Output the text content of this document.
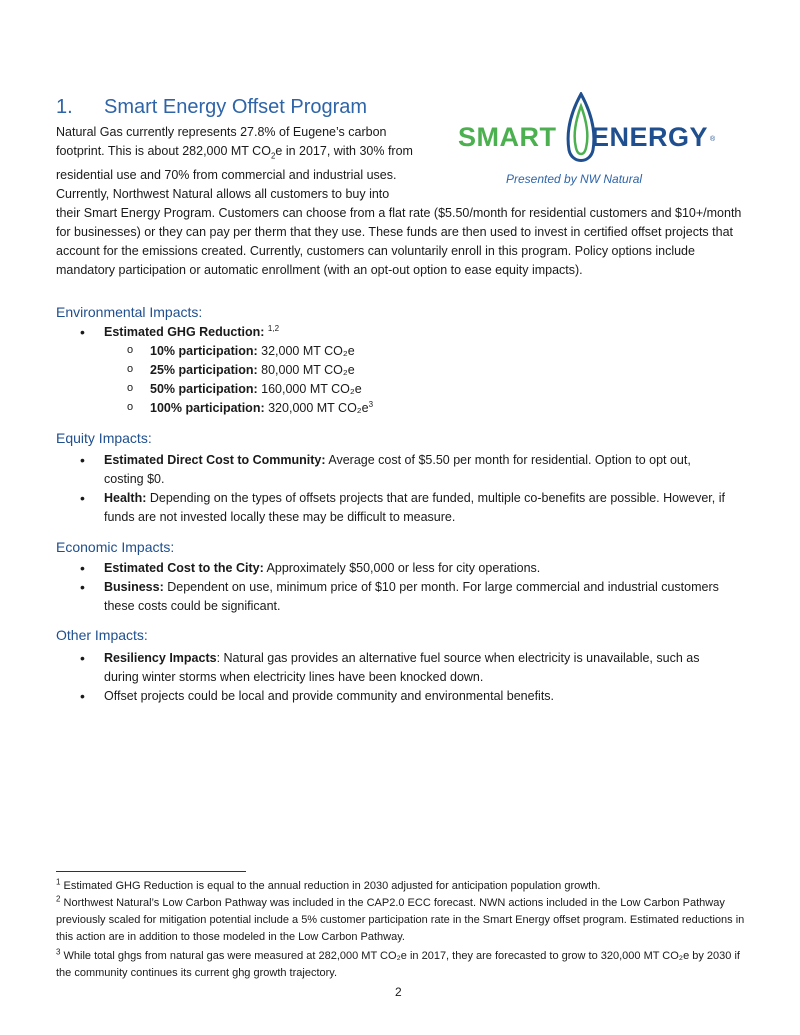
1. Smart Energy Offset Program
SMART ENERGY ®
Presented by NW Natural
Natural Gas currently represents 27.8% of Eugene’s carbon
footprint. This is about 282,000 MT $CO_2e$ in 2017, with 30% from
residential use and 70% from commercial and industrial uses.
Currently, Northwest Natural allows all customers to buy into
their Smart Energy Program. Customers can choose from a flat rate ($5.50/month for residential customers and $10+/month for businesses) or they can pay per therm that they use. These funds are then used to invest in certified offset projects that account for the emissions created. Currently, customers can voluntarily enroll in this program. Policy options include mandatory participation or automatic enrollment (with an opt-out option to ease equity impacts).
Environmental Impacts:
• Estimated GHG Reduction: $^{1,2}$
o 10% participation: 32,000 MT CO₂e
o 25% participation: 80,000 MT CO₂e
o 50% participation: 160,000 MT CO₂e
o 100% participation: 320,000 MT $CO_2e^3$
Equity Impacts:
• Estimated Direct Cost to Community: Average cost of $5.50 per month for residential. Option to opt out, costing $0.
• Health: Depending on the types of offsets projects that are funded, multiple co-benefits are possible. However, if funds are not invested locally these may be difficult to measure.
Economic Impacts:
• Estimated Cost to the City: Approximately $50,000 or less for city operations.
• Business: Dependent on use, minimum price of $10 per month. For large commercial and industrial customers these costs could be significant.
Other Impacts:
• Resiliency Impacts: Natural gas provides an alternative fuel source when electricity is unavailable, such as during winter storms when electricity lines have been knocked down.
• Offset projects could be local and provide community and environmental benefits.
$^1$ Estimated GHG Reduction is equal to the annual reduction in 2030 adjusted for anticipation population growth.
$^2$ Northwest Natural’s Low Carbon Pathway was included in the CAP2.0 ECC forecast. NWN actions included in the Low Carbon Pathway previously scaled for mitigation potential include a 5% customer participation rate in the Smart Energy offset program. Estimated reductions in this action are in addition to those modeled in the Low Carbon Pathway.
$^3$ While total ghgs from natural gas were measured at 282,000 MT CO₂e in 2017, they are forecasted to grow to 320,000 MT CO₂e by 2030 if the community continues its current ghg growth trajectory.
2
